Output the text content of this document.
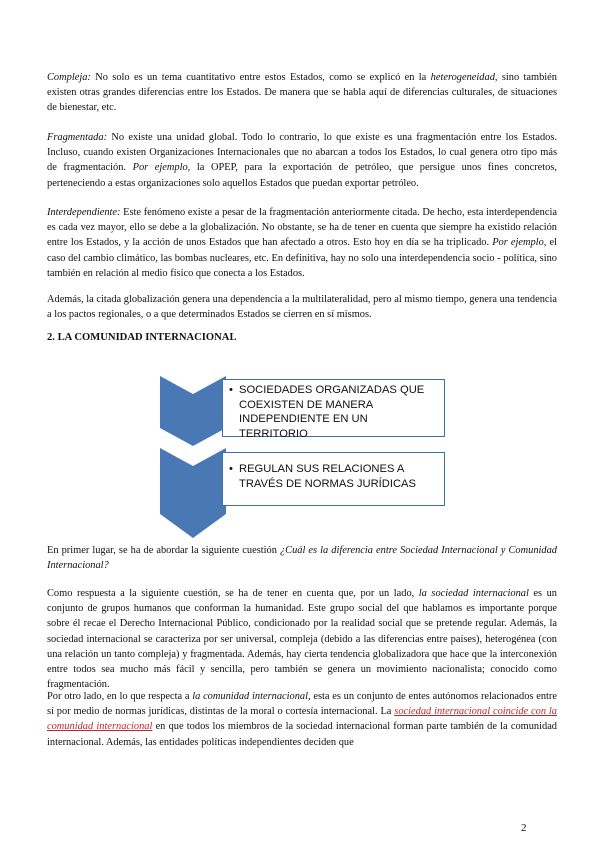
Compleja: No solo es un tema cuantitativo entre estos Estados, como se explicó en la heterogeneidad, sino también existen otras grandes diferencias entre los Estados. De manera que se habla aquí de diferencias culturales, de situaciones de bienestar, etc.

Fragmentada: No existe una unidad global. Todo lo contrario, lo que existe es una fragmentación entre los Estados. Incluso, cuando existen Organizaciones Internacionales que no abarcan a todos los Estados, lo cual genera otro tipo más de fragmentación. Por ejemplo, la OPEP, para la exportación de petróleo, que persigue unos fines concretos, perteneciendo a estas organizaciones solo aquellos Estados que puedan exportar petróleo.

Interdependiente: Este fenómeno existe a pesar de la fragmentación anteriormente citada. De hecho, esta interdependencia es cada vez mayor, ello se debe a la globalización. No obstante, se ha de tener en cuenta que siempre ha existido relación entre los Estados, y la acción de unos Estados que han afectado a otros. Esto hoy en día se ha triplicado. Por ejemplo, el caso del cambio climático, las bombas nucleares, etc. En definitiva, hay no solo una interdependencia socio - política, sino también en relación al medio físico que conecta a los Estados.

Además, la citada globalización genera una dependencia a la multilateralidad, pero al mismo tiempo, genera una tendencia a los pactos regionales, o a que determinados Estados se cierren en sí mismos.

2. LA COMUNIDAD INTERNACIONAL
• SOCIEDADES ORGANIZADAS QUE COEXISTEN DE MANERA INDEPENDIENTE EN UN TERRITORIO
• REGULAN SUS RELACIONES A TRAVÉS DE NORMAS JURÍDICAS

En primer lugar, se ha de abordar la siguiente cuestión ¿Cuál es la diferencia entre Sociedad Internacional y Comunidad Internacional?

Como respuesta a la siguiente cuestión, se ha de tener en cuenta que, por un lado, la sociedad internacional es un conjunto de grupos humanos que conforman la humanidad. Este grupo social del que hablamos es importante porque sobre él recae el Derecho Internacional Público, condicionado por la realidad social que se pretende regular. Además, la sociedad internacional se caracteriza por ser universal, compleja (debido a las diferencias entre países), heterogénea (con una relación un tanto compleja) y fragmentada. Además, hay cierta tendencia globalizadora que hace que la interconexión entre todos sea mucho más fácil y sencilla, pero también se genera un movimiento nacionalista; conocido como fragmentación.

Por otro lado, en lo que respecta a la comunidad internacional, esta es un conjunto de entes autónomos relacionados entre sí por medio de normas jurídicas, distintas de la moral o cortesía internacional. La sociedad internacional coincide con la comunidad internacional en que todos los miembros de la sociedad internacional forman parte también de la comunidad internacional. Además, las entidades políticas independientes deciden que

2
